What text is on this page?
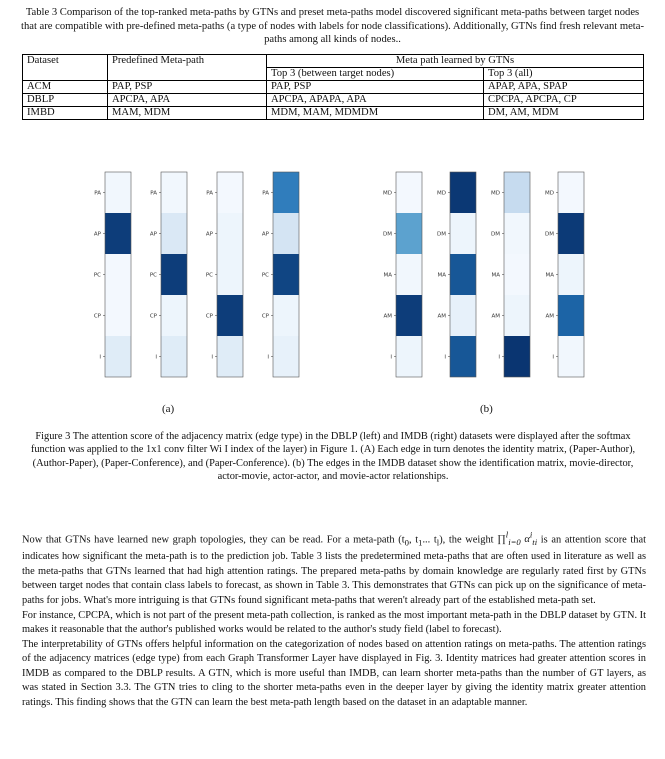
Table 3 Comparison of the top-ranked meta-paths by GTNs and preset meta-paths model discovered significant meta-paths between target nodes that are compatible with pre-defined meta-paths (a type of nodes with labels for node classifications). Additionally, GTNs find fresh relevant meta-paths among all kinds of nodes..
Dataset	Predefined Meta-path	Meta path learned by GTNs	
		Top 3 (between target nodes)	Top 3 (all)
ACM	PAP, PSP	PAP, PSP	APAP, APA, SPAP
DBLP	APCPA, APA	APCPA, APAPA, APA	CPCPA, APCPA, CP
IMBD	MAM, MDM	MDM, MAM, MDMDM	DM, AM, MDM
PA
AP
PC
CP
I
PA
AP
PC
CP
I
PA
AP
PC
CP
I
PA
AP
PC
CP
I
MD
DM
MA
AM
I
MD
DM
MA
AM
I
MD
DM
MA
AM
I
MD
DM
MA
AM
I
(a)	(b)
Figure 3 The attention score of the adjacency matrix (edge type) in the DBLP (left) and IMDB (right) datasets were displayed after the softmax function was applied to the 1x1 conv filter Wi I index of the layer) in Figure 1. (A) Each edge in turn denotes the identity matrix, (Paper-Author), (Author-Paper), (Paper-Conference), and (Paper-Conference). (b) The edges in the IMDB dataset show the identification matrix, movie-director, actor-movie, actor-actor, and movie-actor relationships.

Now that GTNs have learned new graph topologies, they can be read. For a meta-path ($t_0$, $t_1$... $t_l$), the weight ∏$^l_{i=0}$ $\alpha^i_{ti}$ is an attention score that indicates how significant the meta-path is to the prediction job. Table 3 lists the predetermined meta-paths that are often used in literature as well as the meta-paths that GTNs learned that had high attention ratings. The prepared meta-paths by domain knowledge are regularly rated first by GTNs between target nodes that contain class labels to forecast, as shown in Table 3. This demonstrates that GTNs can pick up on the significance of meta-paths for jobs. What's more intriguing is that GTNs found significant meta-paths that weren't already part of the established meta-path set.

For instance, CPCPA, which is not part of the present meta-path collection, is ranked as the most important meta-path in the DBLP dataset by GTN. It makes it reasonable that the author's published works would be related to the author's study field (label to forecast).

The interpretability of GTNs offers helpful information on the categorization of nodes based on attention ratings on meta-paths. The attention ratings of the adjacency matrices (edge type) from each Graph Transformer Layer have displayed in Fig. 3. Identity matrices had greater attention scores in IMDB as compared to the DBLP results. A GTN, which is more useful than IMDB, can learn shorter meta-paths than the number of GT layers, as was stated in Section 3.3. The GTN tries to cling to the shorter meta-paths even in the deeper layer by giving the identity matrix greater attention ratings. This finding shows that the GTN can learn the best meta-path length based on the dataset in an adaptable manner.
